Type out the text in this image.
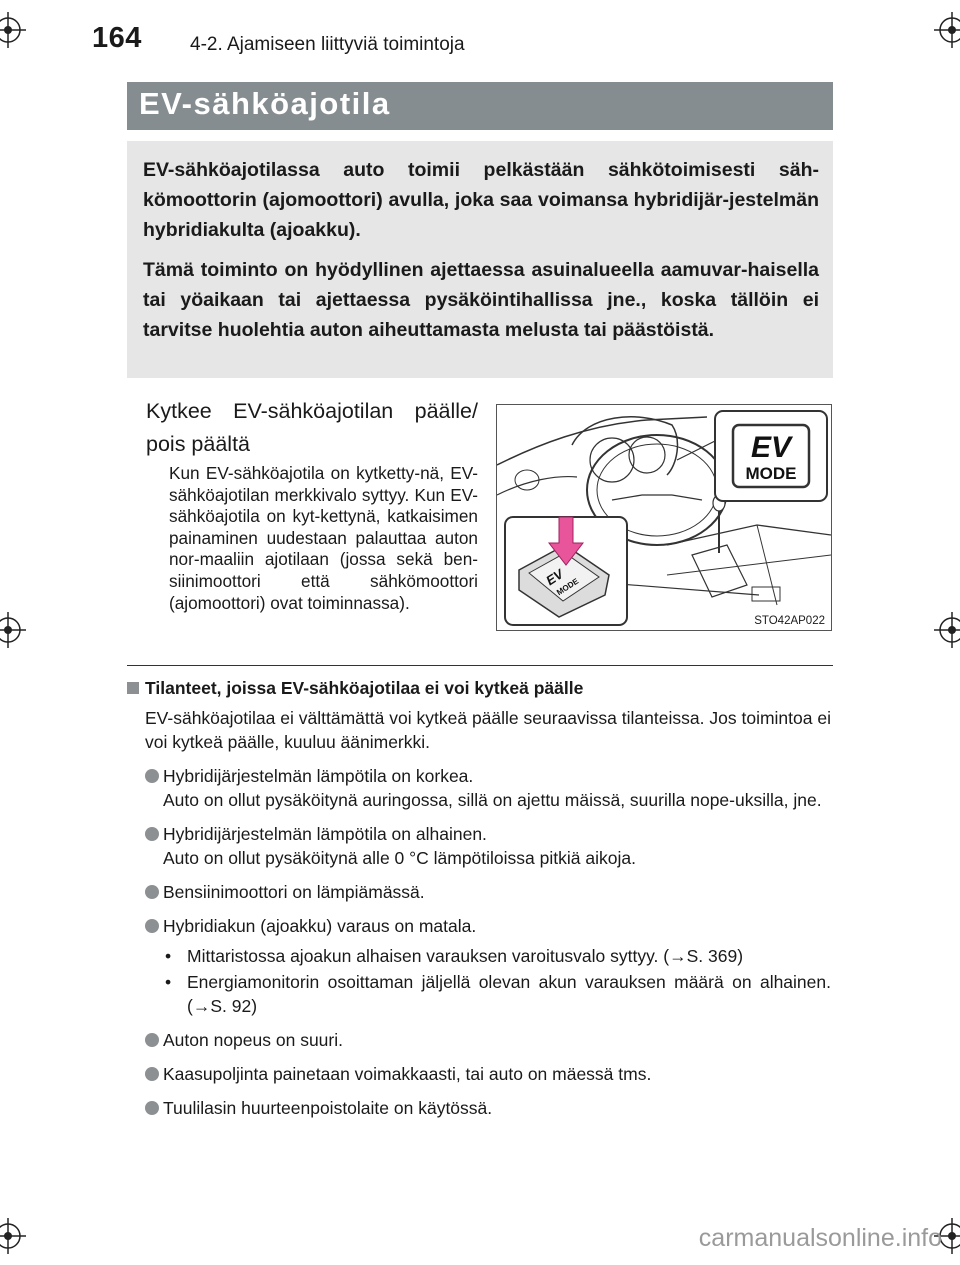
164	4-2. Ajamiseen liittyviä toimintoja
EV-sähköajotila

EV-sähköajotilassa auto toimii pelkästään sähkötoimisesti säh-kömoottorin (ajomoottori) avulla, joka saa voimansa hybridijär-jestelmän hybridiakulta (ajoakku).

Tämä toiminto on hyödyllinen ajettaessa asuinalueella aamuvar-haisella tai yöaikaan tai ajettaessa pysäköintihallissa jne., koska tällöin ei tarvitse huolehtia auton aiheuttamasta melusta tai päästöistä.

Kytkee EV-sähköajotilan päälle/ pois päältä
Kun EV-sähköajotila on kytketty-nä, EV-sähköajotilan merkkivalo syttyy. Kun EV-sähköajotila on kyt-kettynä, katkaisimen painaminen uudestaan palauttaa auton nor-maaliin ajotilaan (jossa sekä ben-siinimoottori että sähkömoottori (ajomoottori) ovat toiminnassa).
EV
MODE
EV
MODE
STO42AP022
Tilanteet, joissa EV-sähköajotilaa ei voi kytkeä päälle
EV-sähköajotilaa ei välttämättä voi kytkeä päälle seuraavissa tilanteissa. Jos toimintoa ei voi kytkeä päälle, kuuluu äänimerkki.
Hybridijärjestelmän lämpötila on korkea.
Auto on ollut pysäköitynä auringossa, sillä on ajettu mäissä, suurilla nope-uksilla, jne.
Hybridijärjestelmän lämpötila on alhainen.
Auto on ollut pysäköitynä alle 0 °C lämpötiloissa pitkiä aikoja.
Bensiinimoottori on lämpiämässä.
Hybridiakun (ajoakku) varaus on matala.
• Mittaristossa ajoakun alhaisen varauksen varoitusvalo syttyy. (→S. 369)
• Energiamonitorin osoittaman jäljellä olevan akun varauksen määrä on alhainen. (→S. 92)
Auton nopeus on suuri.
Kaasupoljinta painetaan voimakkaasti, tai auto on mäessä tms.
Tuulilasin huurteenpoistolaite on käytössä.
carmanualsonline.info
